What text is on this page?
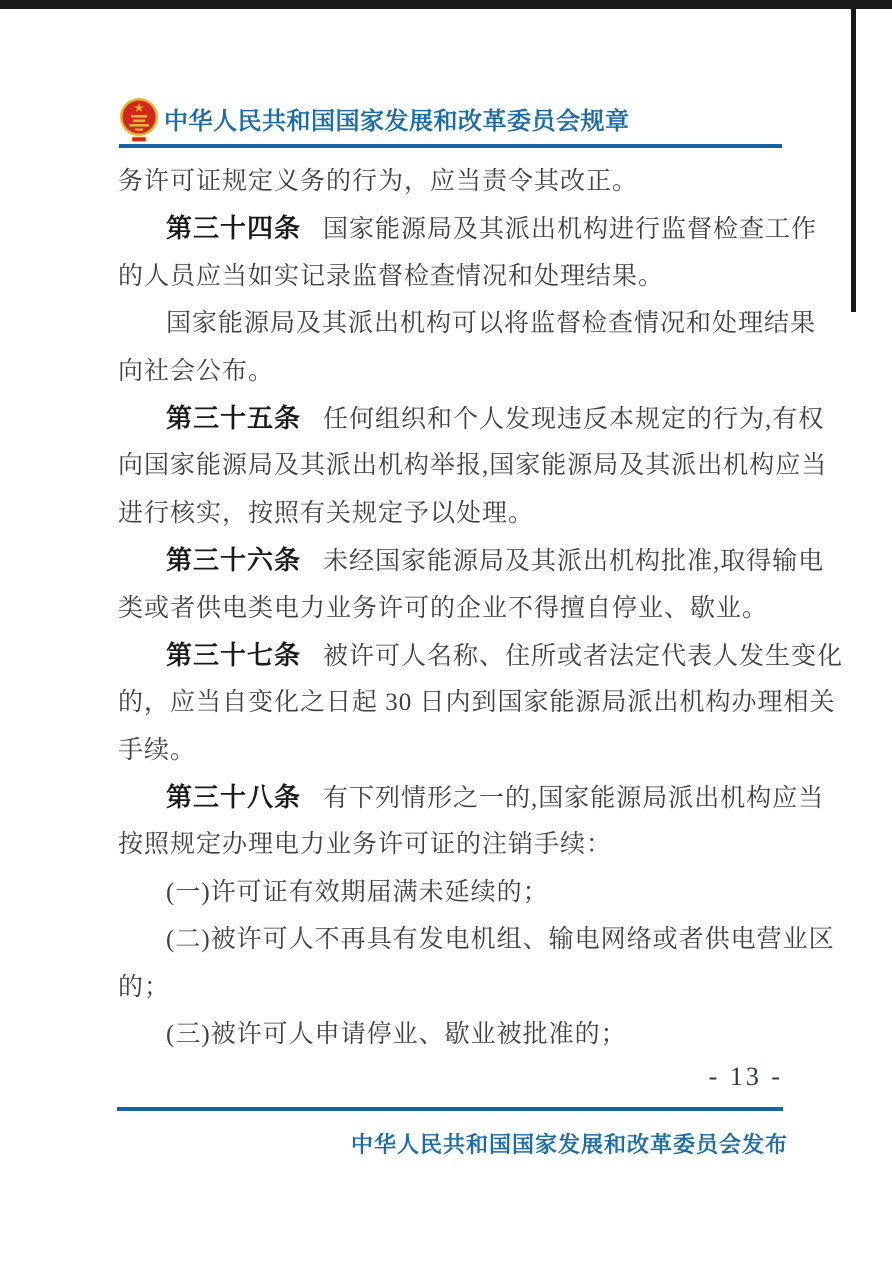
中华人民共和国国家发展和改革委员会规章
务许可证规定义务的行为，应当责令其改正。
第三十四条 国家能源局及其派出机构进行监督检查工作
的人员应当如实记录监督检查情况和处理结果。
国家能源局及其派出机构可以将监督检查情况和处理结果
向社会公布。
第三十五条 任何组织和个人发现违反本规定的行为,有权
向国家能源局及其派出机构举报,国家能源局及其派出机构应当
进行核实，按照有关规定予以处理。
第三十六条 未经国家能源局及其派出机构批准,取得输电
类或者供电类电力业务许可的企业不得擅自停业、歇业。
第三十七条 被许可人名称、住所或者法定代表人发生变化
的，应当自变化之日起 30 日内到国家能源局派出机构办理相关
手续。
第三十八条 有下列情形之一的,国家能源局派出机构应当
按照规定办理电力业务许可证的注销手续：
(一)许可证有效期届满未延续的；
(二)被许可人不再具有发电机组、输电网络或者供电营业区
的；
(三)被许可人申请停业、歇业被批准的；
- 13 -
中华人民共和国国家发展和改革委员会发布
